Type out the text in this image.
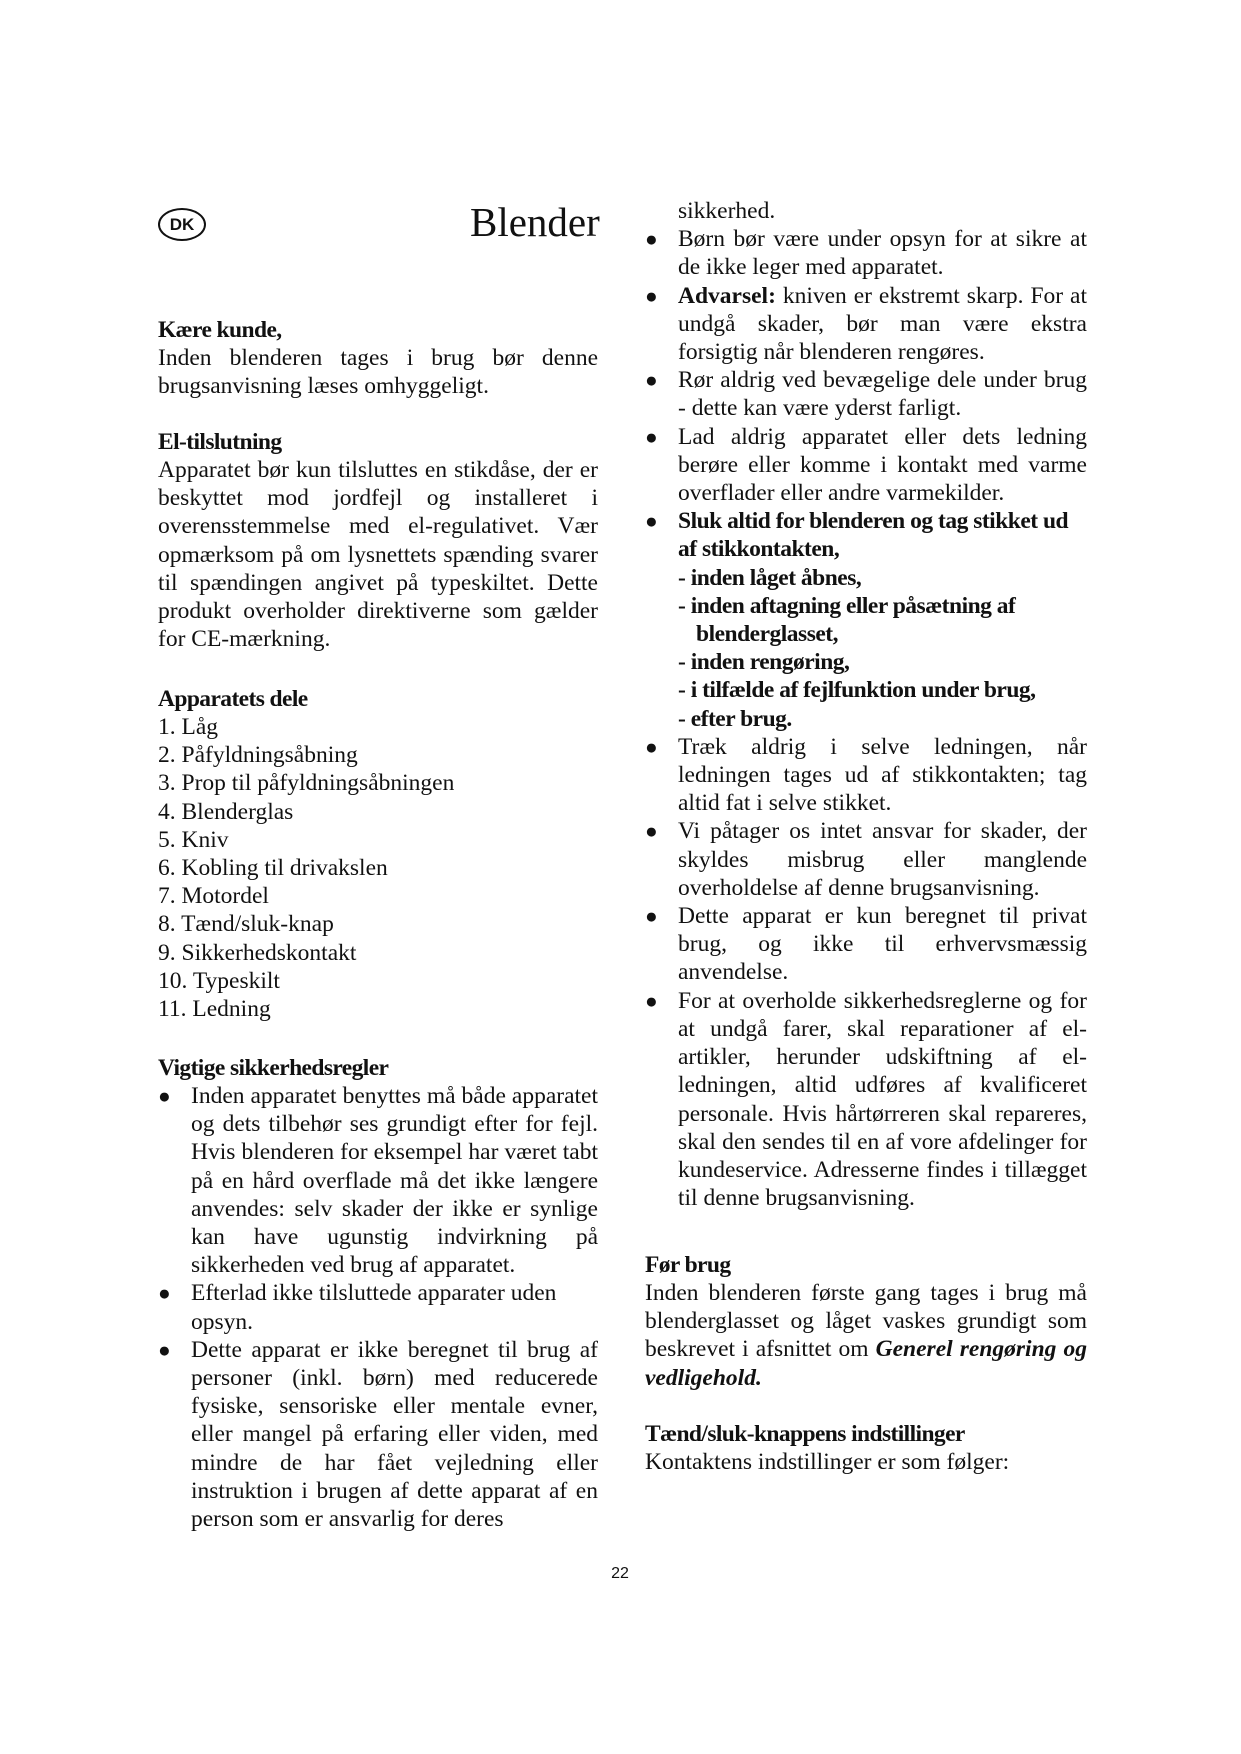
DK	Blender

Kære kunde,

Inden blenderen tages i brug bør denne brugsanvisning læses omhyggeligt.

El-tilslutning

Apparatet bør kun tilsluttes en stikdåse, der er beskyttet mod jordfejl og installeret i overensstemmelse med el-regulativet. Vær opmærksom på om lysnettets spænding svarer til spændingen angivet på typeskiltet. Dette produkt overholder direktiverne som gælder for CE-mærkning.

Apparatets dele

1. Låg
2. Påfyldningsåbning
3. Prop til påfyldningsåbningen
4. Blenderglas
5. Kniv
6. Kobling til drivakslen
7. Motordel
8. Tænd/sluk-knap
9. Sikkerhedskontakt
10. Typeskilt
11. Ledning

Vigtige sikkerhedsregler

● Inden apparatet benyttes må både apparatet og dets tilbehør ses grundigt efter for fejl. Hvis blenderen for eksempel har været tabt på en hård overflade må det ikke længere anvendes: selv skader der ikke er synlige kan have ugunstig indvirkning på sikkerheden ved brug af apparatet.
● Efterlad ikke tilsluttede apparater uden opsyn.
● Dette apparat er ikke beregnet til brug af personer (inkl. børn) med reducerede fysiske, sensoriske eller mentale evner, eller mangel på erfaring eller viden, med mindre de har fået vejledning eller instruktion i brugen af dette apparat af en person som er ansvarlig for deres

sikkerhed.

● Børn bør være under opsyn for at sikre at de ikke leger med apparatet.
● Advarsel: kniven er ekstremt skarp. For at undgå skader, bør man være ekstra forsigtig når blenderen rengøres.
● Rør aldrig ved bevægelige dele under brug - dette kan være yderst farligt.
● Lad aldrig apparatet eller dets ledning berøre eller komme i kontakt med varme overflader eller andre varmekilder.
● Sluk altid for blenderen og tag stikket ud af stikkontakten,
- inden låget åbnes,
- inden aftagning eller påsætning af blenderglasset,
- inden rengøring,
- i tilfælde af fejlfunktion under brug,
- efter brug.
● Træk aldrig i selve ledningen, når ledningen tages ud af stikkontakten; tag altid fat i selve stikket.
● Vi påtager os intet ansvar for skader, der skyldes misbrug eller manglende overholdelse af denne brugsanvisning.
● Dette apparat er kun beregnet til privat brug, og ikke til erhvervsmæssig anvendelse.
● For at overholde sikkerhedsreglerne og for at undgå farer, skal reparationer af el-artikler, herunder udskiftning af el-ledningen, altid udføres af kvalificeret personale. Hvis hårtørreren skal repareres, skal den sendes til en af vore afdelinger for kundeservice. Adresserne findes i tillægget til denne brugsanvisning.

Før brug

Inden blenderen første gang tages i brug må blenderglasset og låget vaskes grundigt som beskrevet i afsnittet om Generel rengøring og vedligehold.

Tænd/sluk-knappens indstillinger

Kontaktens indstillinger er som følger:

22
